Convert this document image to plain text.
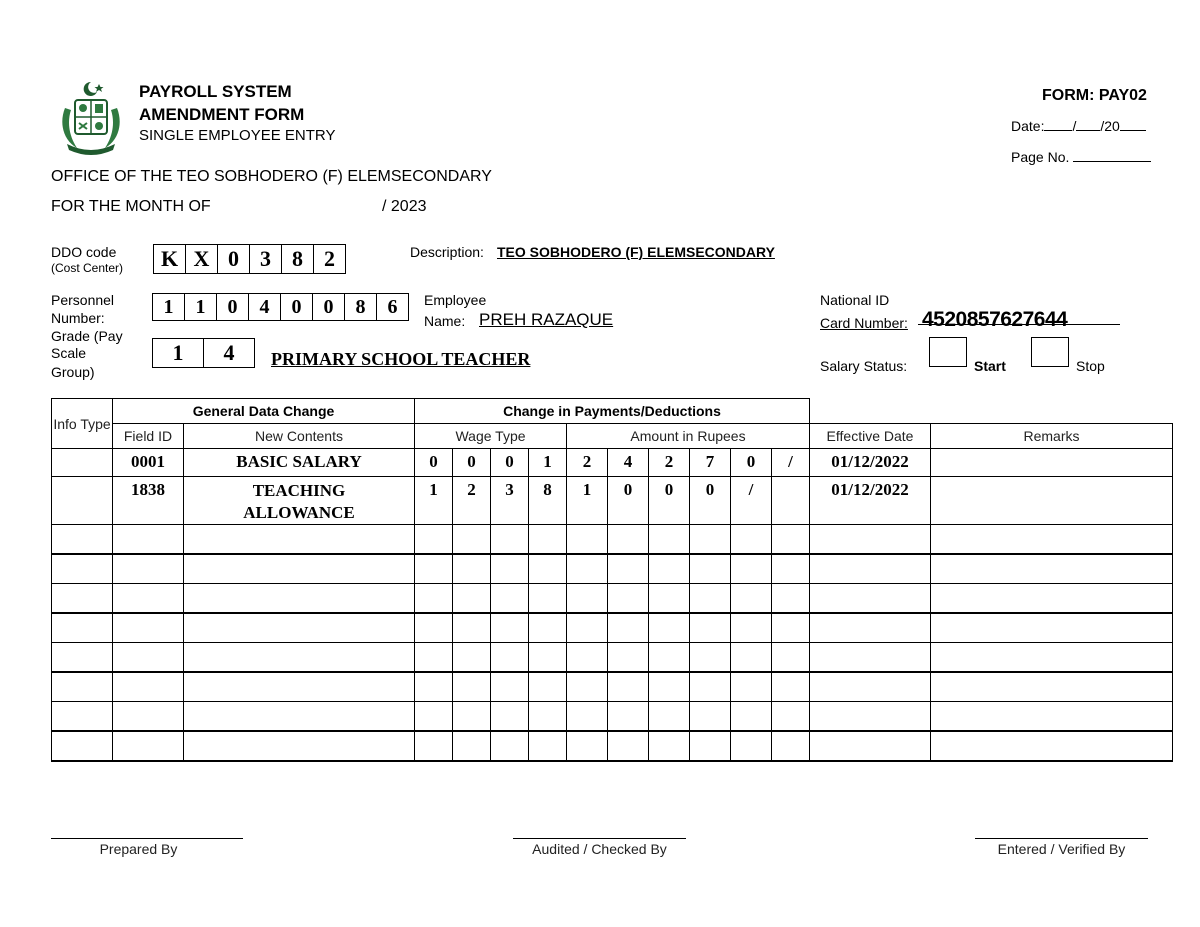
PAYROLL SYSTEM
AMENDMENT FORM
SINGLE EMPLOYEE ENTRY
FORM: PAY02
Date: / /20
Page No.
OFFICE OF THE TEO SOBHODERO (F) ELEMSECONDARY
FOR THE MONTH OF	/ 2023
DDO code
(Cost Center)	K X 0 3 8 2	Description: TEO SOBHODERO (F) ELEMSECONDARY
Personnel
Number:	1	1	0	4	0	0	8	6	Employee
Name: PREH RAZAQUE
National ID
Card Number: 4520857627644
Grade (Pay
Scale
Group)
1	4	PRIMARY SCHOOL TEACHER	Salary Status:	Start	Stop
Info Type	General Data Change		Change in Payments/Deductions											
	Field ID	New Contents	Wage Type				Amount in Rupees						Effective Date	Remarks
	0001	BASIC SALARY	0	0	0	1	2	4	2	7	0	/	01/12/2022	
	1838	TEACHING ALLOWANCE	1	2	3	8	1	0	0	0	/		01/12/2022	

Prepared By	Audited / Checked By	Entered / Verified By
